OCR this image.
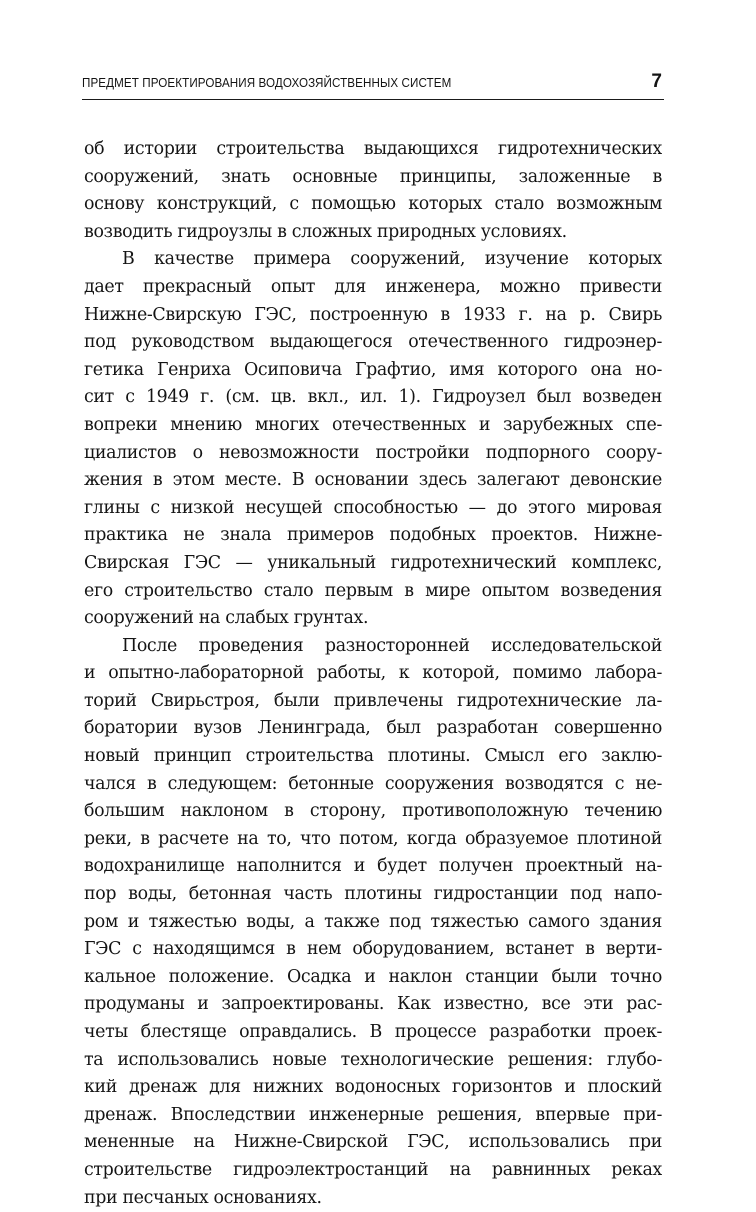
ПРЕДМЕТ ПРОЕКТИРОВАНИЯ ВОДОХОЗЯЙСТВЕННЫХ СИСТЕМ	7
об истории строительства выдающихся гидротехнических
сооружений, знать основные принципы, заложенные в
основу конструкций, с помощью которых стало возможным
возводить гидроузлы в сложных природных условиях.
В качестве примера сооружений, изучение которых
дает прекрасный опыт для инженера, можно привести
Нижне-Свирскую ГЭС, построенную в 1933 г. на р. Свирь
под руководством выдающегося отечественного гидроэнер-
гетика Генриха Осиповича Графтио, имя которого она но-
сит с 1949 г. (см. цв. вкл., ил. 1). Гидроузел был возведен
вопреки мнению многих отечественных и зарубежных спе-
циалистов о невозможности постройки подпорного соору-
жения в этом месте. В основании здесь залегают девонские
глины с низкой несущей способностью — до этого мировая
практика не знала примеров подобных проектов. Нижне-
Свирская ГЭС — уникальный гидротехнический комплекс,
его строительство стало первым в мире опытом возведения
сооружений на слабых грунтах.
После проведения разносторонней исследовательской
и опытно-лабораторной работы, к которой, помимо лабора-
торий Свирьстроя, были привлечены гидротехнические ла-
боратории вузов Ленинграда, был разработан совершенно
новый принцип строительства плотины. Смысл его заклю-
чался в следующем: бетонные сооружения возводятся с не-
большим наклоном в сторону, противоположную течению
реки, в расчете на то, что потом, когда образуемое плотиной
водохранилище наполнится и будет получен проектный на-
пор воды, бетонная часть плотины гидростанции под напо-
ром и тяжестью воды, а также под тяжестью самого здания
ГЭС с находящимся в нем оборудованием, встанет в верти-
кальное положение. Осадка и наклон станции были точно
продуманы и запроектированы. Как известно, все эти рас-
четы блестяще оправдались. В процессе разработки проек-
та использовались новые технологические решения: глубо-
кий дренаж для нижних водоносных горизонтов и плоский
дренаж. Впоследствии инженерные решения, впервые при-
мененные на Нижне-Свирской ГЭС, использовались при
строительстве гидроэлектростанций на равнинных реках
при песчаных основаниях.
